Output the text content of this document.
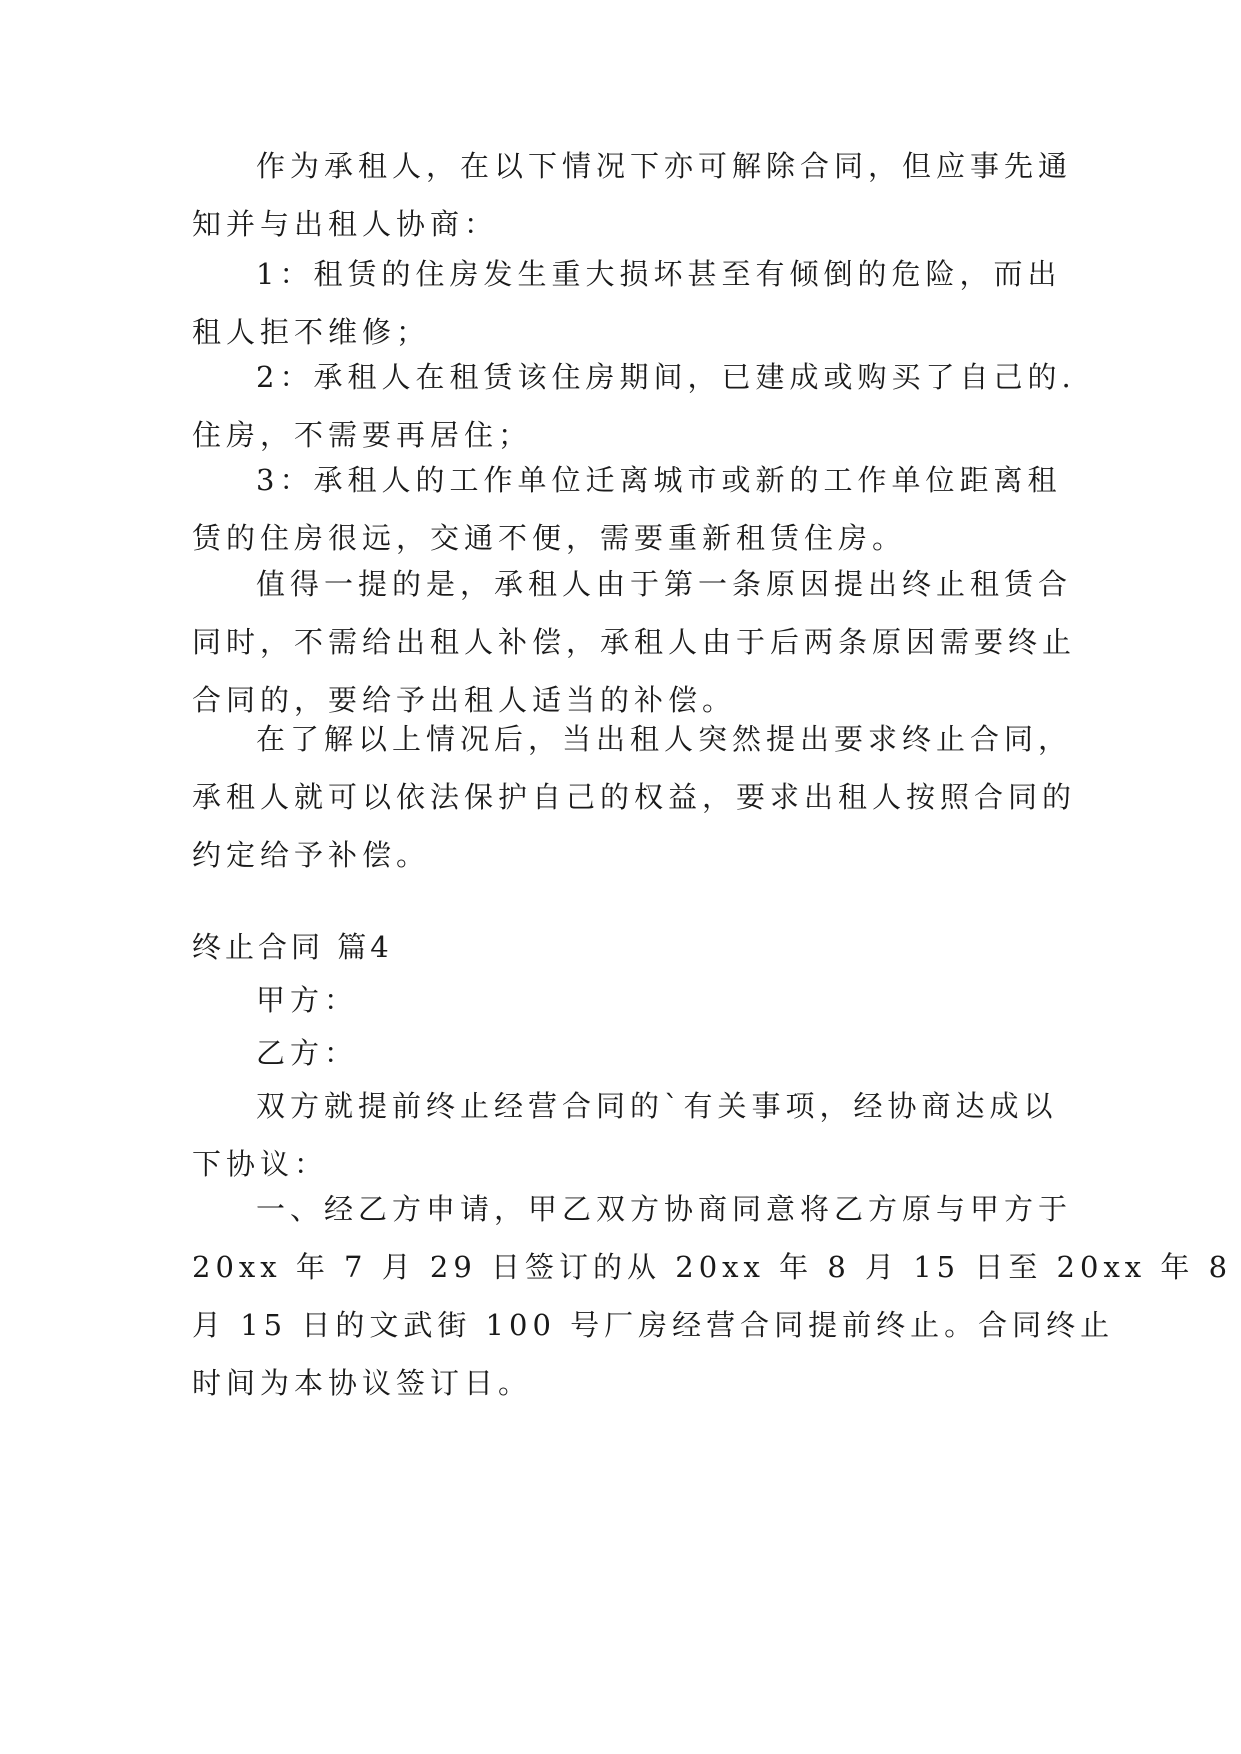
作为承租人，在以下情况下亦可解除合同，但应事先通
知并与出租人协商：
1：租赁的住房发生重大损坏甚至有倾倒的危险，而出
租人拒不维修；
2：承租人在租赁该住房期间，已建成或购买了自己的.
住房，不需要再居住；
3：承租人的工作单位迁离城市或新的工作单位距离租
赁的住房很远，交通不便，需要重新租赁住房。
值得一提的是，承租人由于第一条原因提出终止租赁合
同时，不需给出租人补偿，承租人由于后两条原因需要终止
合同的，要给予出租人适当的补偿。
在了解以上情况后，当出租人突然提出要求终止合同，
承租人就可以依法保护自己的权益，要求出租人按照合同的
约定给予补偿。
终止合同 篇4
甲方：
乙方：
双方就提前终止经营合同的`有关事项，经协商达成以
下协议：
一、经乙方申请，甲乙双方协商同意将乙方原与甲方于
20xx 年 7 月 29 日签订的从 20xx 年 8 月 15 日至 20xx 年 8
月 15 日的文武街 100 号厂房经营合同提前终止。合同终止
时间为本协议签订日。
